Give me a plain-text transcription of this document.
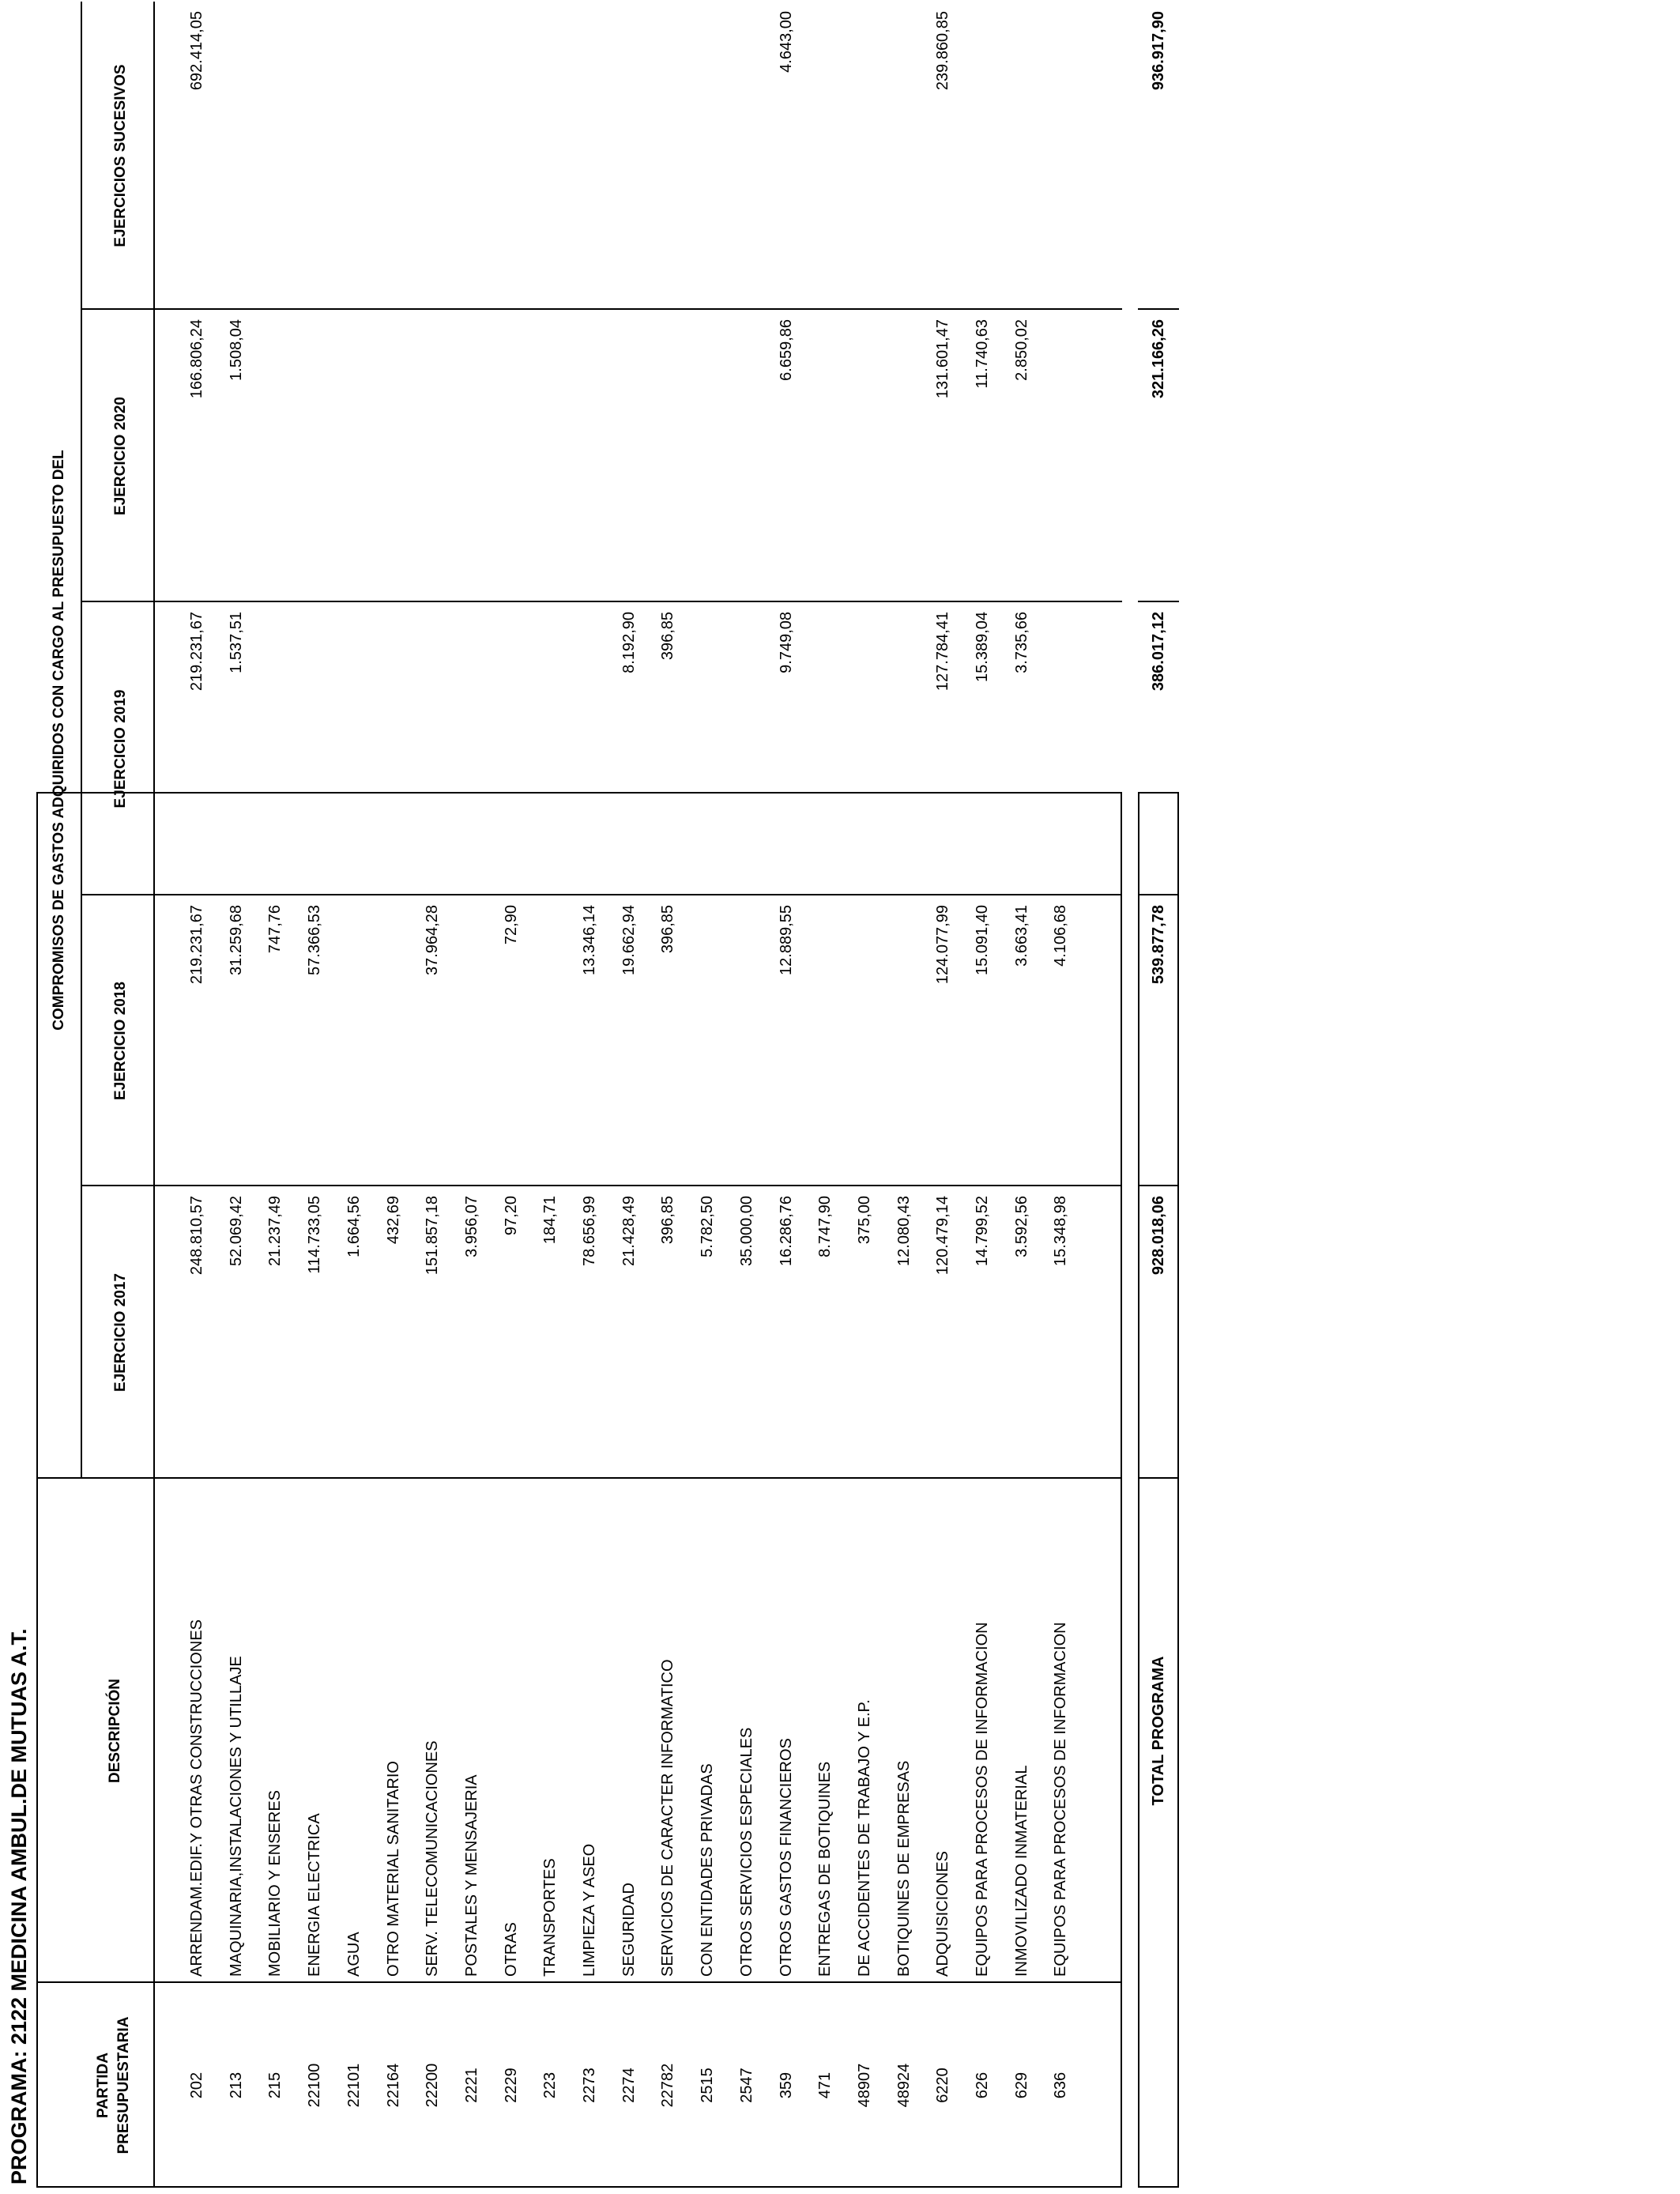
PROGRAMA: 2122 MEDICINA AMBUL.DE MUTUAS A.T.	PARTIDA
PRESUPUESTARIA
DESCRIPCIÓN
COMPROMISOS DE GASTOS ADQUIRIDOS CON CARGO AL PRESUPUESTO DEL
EJERCICIO 2017
EJERCICIO 2018
EJERCICIO 2019
EJERCICIO 2020
EJERCICIOS SUCESIVOS
202
ARRENDAM.EDIF.Y OTRAS CONSTRUCCIONES
248.810,57
219.231,67
219.231,67
166.806,24
692.414,05
213
MAQUINARIA,INSTALACIONES Y UTILLAJE
52.069,42
31.259,68
1.537,51
1.508,04
215
MOBILIARIO Y ENSERES
21.237,49
747,76
22100
ENERGIA ELECTRICA
114.733,05
57.366,53
22101
AGUA
1.664,56
22164
OTRO MATERIAL SANITARIO
432,69
22200
SERV. TELECOMUNICACIONES
151.857,18
37.964,28
2221
POSTALES Y MENSAJERIA
3.956,07
2229
OTRAS
97,20
72,90
223
TRANSPORTES
184,71
2273
LIMPIEZA Y ASEO
78.656,99
13.346,14
2274
SEGURIDAD
21.428,49
19.662,94
8.192,90
22782
SERVICIOS DE CARACTER INFORMATICO
396,85
396,85
396,85
2515
CON ENTIDADES PRIVADAS
5.782,50
2547
OTROS SERVICIOS ESPECIALES
35.000,00
359
OTROS GASTOS FINANCIEROS
16.286,76
12.889,55
9.749,08
6.659,86
4.643,00
471
ENTREGAS DE BOTIQUINES
8.747,90
48907
DE ACCIDENTES DE TRABAJO Y E.P.
375,00
48924
BOTIQUINES DE EMPRESAS
12.080,43
6220
ADQUISICIONES
120.479,14
124.077,99
127.784,41
131.601,47
239.860,85
626
EQUIPOS PARA PROCESOS DE INFORMACION
14.799,52
15.091,40
15.389,04
11.740,63
629
INMOVILIZADO INMATERIAL
3.592,56
3.663,41
3.735,66
2.850,02
636
EQUIPOS PARA PROCESOS DE INFORMACION
15.348,98
4.106,68
TOTAL PROGRAMA
928.018,06
539.877,78
386.017,12
321.166,26
936.917,90
